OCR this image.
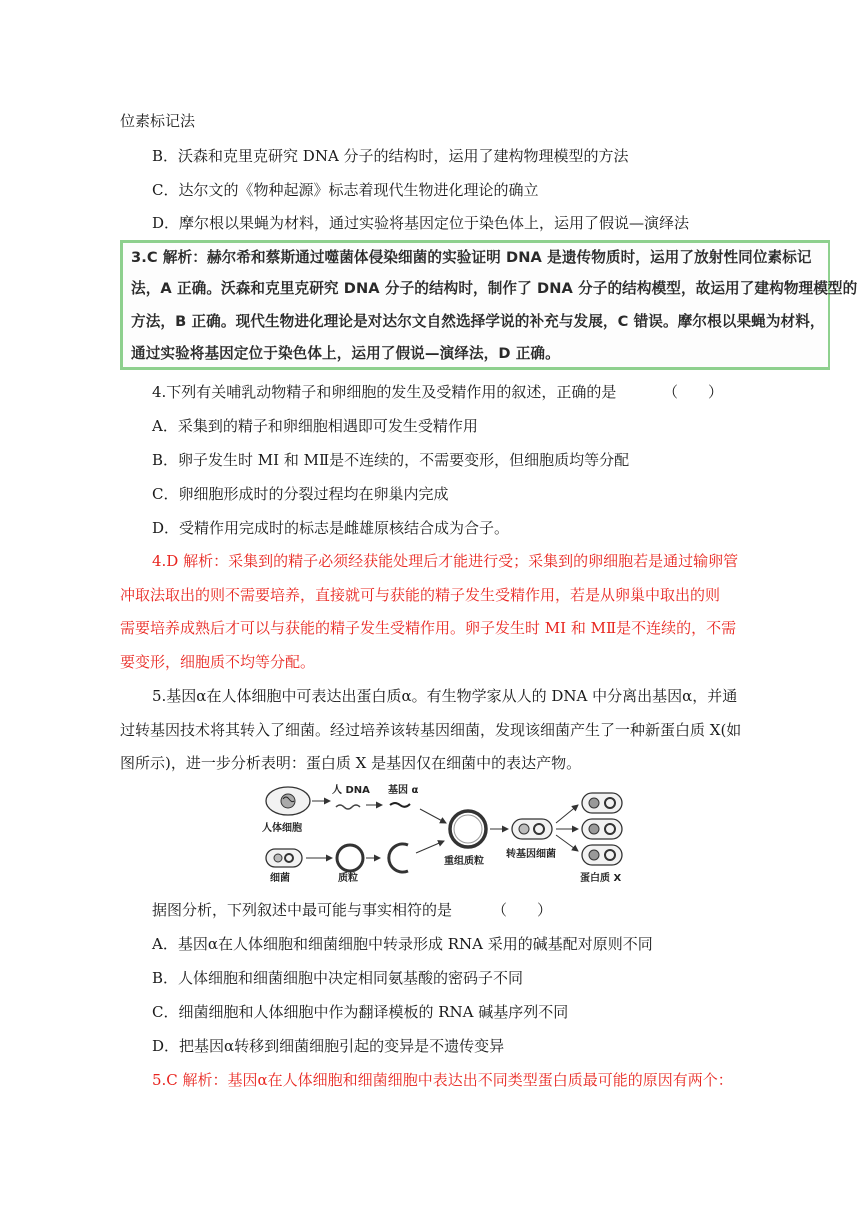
位素标记法
B．沃森和克里克研究 DNA 分子的结构时，运用了建构物理模型的方法
C．达尔文的《物种起源》标志着现代生物进化理论的确立
D．摩尔根以果蝇为材料，通过实验将基因定位于染色体上，运用了假说—演绎法
3.C 解析：赫尔希和蔡斯通过噬菌体侵染细菌的实验证明 DNA 是遗传物质时，运用了放射性同位素标记
法，A 正确。沃森和克里克研究 DNA 分子的结构时，制作了 DNA 分子的结构模型，故运用了建构物理模型的
方法，B 正确。现代生物进化理论是对达尔文自然选择学说的补充与发展，C 错误。摩尔根以果蝇为材料，
通过实验将基因定位于染色体上，运用了假说—演绎法，D 正确。
4.下列有关哺乳动物精子和卵细胞的发生及受精作用的叙述，正确的是	（　　）
A．采集到的精子和卵细胞相遇即可发生受精作用
B．卵子发生时 MI 和 MⅡ是不连续的，不需要变形，但细胞质均等分配
C．卵细胞形成时的分裂过程均在卵巢内完成
D．受精作用完成时的标志是雌雄原核结合成为合子。
4.D 解析：采集到的精子必须经获能处理后才能进行受；采集到的卵细胞若是通过输卵管
冲取法取出的则不需要培养，直接就可与获能的精子发生受精作用，若是从卵巢中取出的则
需要培养成熟后才可以与获能的精子发生受精作用。卵子发生时 MI 和 MⅡ是不连续的，不需
要变形，细胞质不均等分配。
5.基因α在人体细胞中可表达出蛋白质α。有生物学家从人的 DNA 中分离出基因α，并通
过转基因技术将其转入了细菌。经过培养该转基因细菌，发现该细菌产生了一种新蛋白质 X(如
图所示)，进一步分析表明：蛋白质 X 是基因仅在细菌中的表达产物。
人 DNA 基因 α
人体细胞
细菌	质粒
重组质粒
转基因细菌
蛋白质 X
据图分析，下列叙述中最可能与事实相符的是	（　　）
A．基因α在人体细胞和细菌细胞中转录形成 RNA 采用的碱基配对原则不同
B．人体细胞和细菌细胞中决定相同氨基酸的密码子不同
C．细菌细胞和人体细胞中作为翻译模板的 RNA 碱基序列不同
D．把基因α转移到细菌细胞引起的变异是不遗传变异
5.C 解析：基因α在人体细胞和细菌细胞中表达出不同类型蛋白质最可能的原因有两个：
